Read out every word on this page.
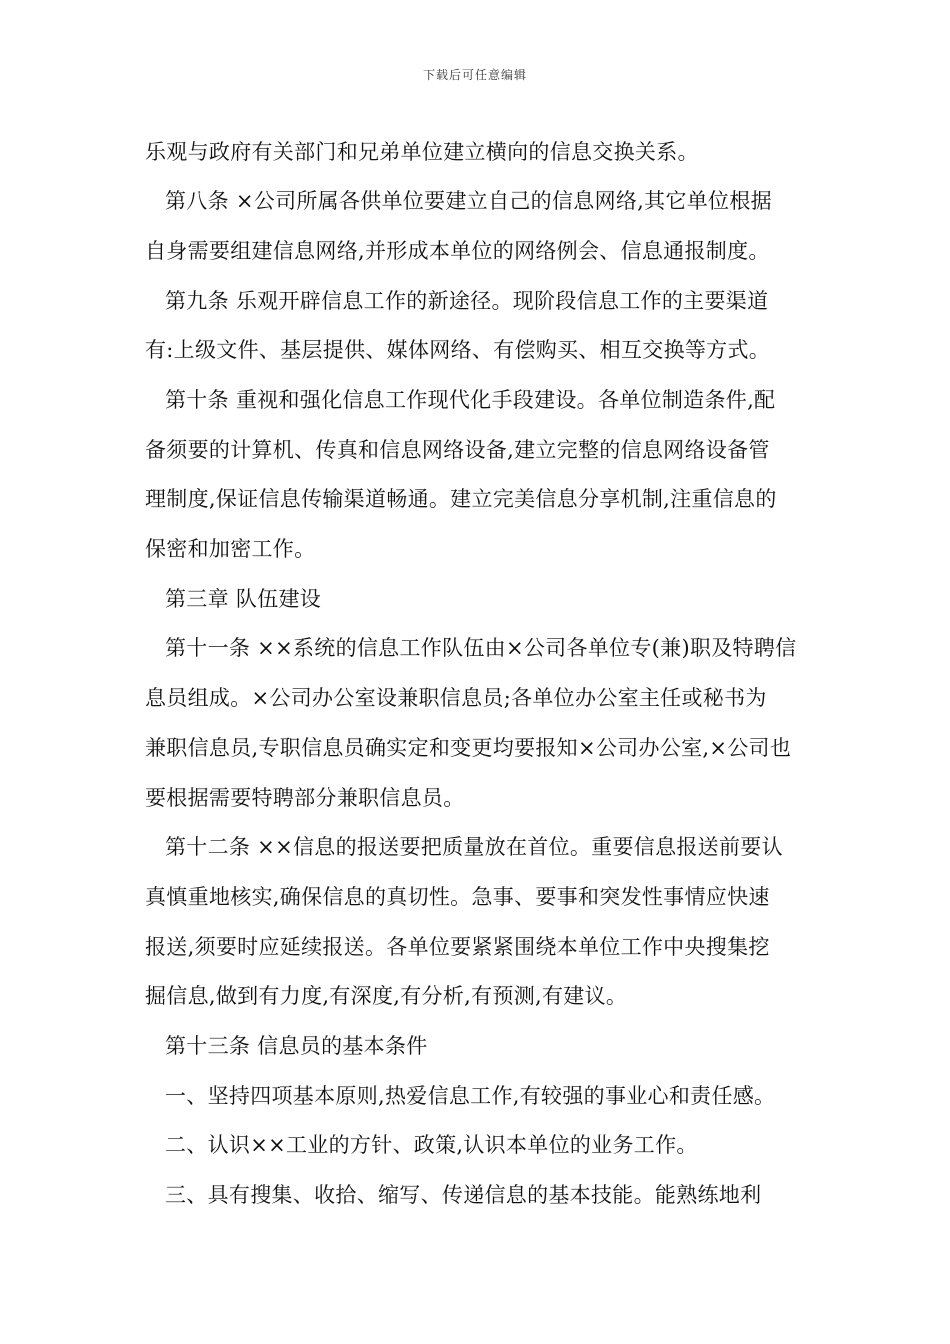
下载后可任意编辑
乐观与政府有关部门和兄弟单位建立横向的信息交换关系。
第八条 ×公司所属各供单位要建立自己的信息网络,其它单位根据
自身需要组建信息网络,并形成本单位的网络例会、信息通报制度。
第九条 乐观开辟信息工作的新途径。现阶段信息工作的主要渠道
有:上级文件、基层提供、媒体网络、有偿购买、相互交换等方式。
第十条 重视和强化信息工作现代化手段建设。各单位制造条件,配
备须要的计算机、传真和信息网络设备,建立完整的信息网络设备管
理制度,保证信息传输渠道畅通。建立完美信息分享机制,注重信息的
保密和加密工作。
第三章 队伍建设
第十一条 ××系统的信息工作队伍由×公司各单位专(兼)职及特聘信
息员组成。×公司办公室设兼职信息员;各单位办公室主任或秘书为
兼职信息员,专职信息员确实定和变更均要报知×公司办公室,×公司也
要根据需要特聘部分兼职信息员。
第十二条 ××信息的报送要把质量放在首位。重要信息报送前要认
真慎重地核实,确保信息的真切性。急事、要事和突发性事情应快速
报送,须要时应延续报送。各单位要紧紧围绕本单位工作中央搜集挖
掘信息,做到有力度,有深度,有分析,有预测,有建议。
第十三条 信息员的基本条件
一、坚持四项基本原则,热爱信息工作,有较强的事业心和责任感。
二、认识××工业的方针、政策,认识本单位的业务工作。
三、具有搜集、收拾、缩写、传递信息的基本技能。能熟练地利
